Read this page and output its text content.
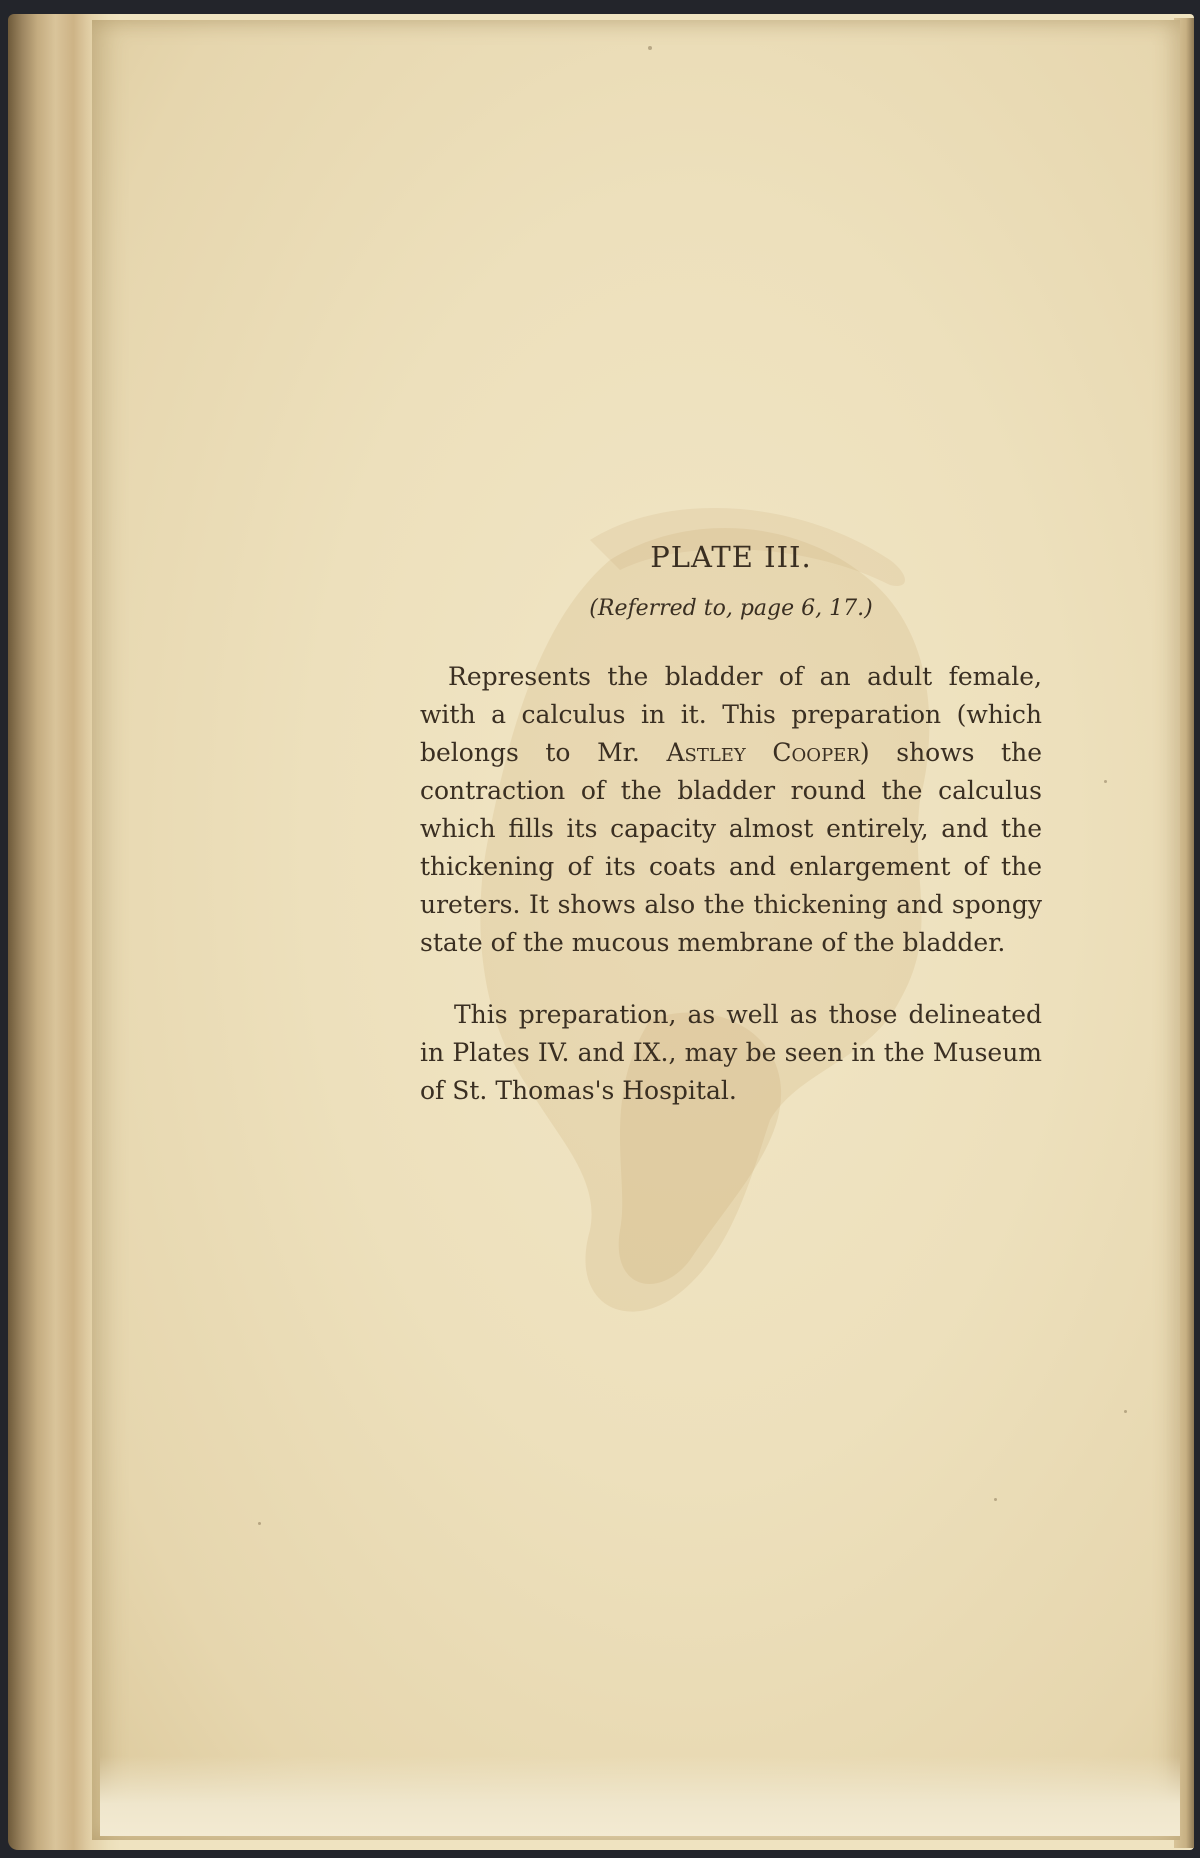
PLATE III.

(Referred to, page 6, 17.)

Represents the bladder of an adult female, with a calculus in it. This preparation (which belongs to Mr. Astley Cooper) shows the contraction of the bladder round the calculus which fills its capacity almost entirely, and the thickening of its coats and enlargement of the ureters. It shows also the thickening and spongy state of the mucous membrane of the bladder.

This preparation, as well as those delineated in Plates IV. and IX., may be seen in the Museum of St. Thomas's Hospital.
